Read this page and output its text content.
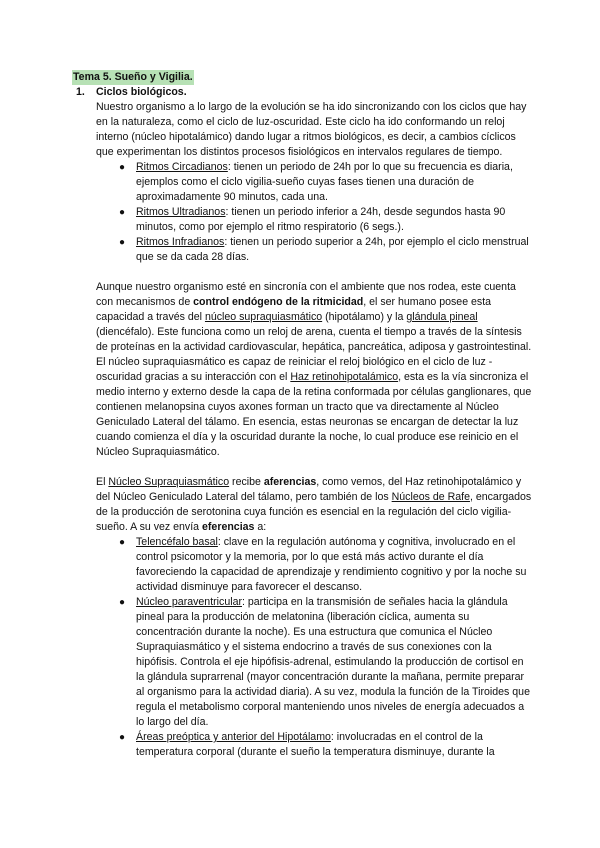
Tema 5. Sueño y Vigilia.
1. Ciclos biológicos.

Nuestro organismo a lo largo de la evolución se ha ido sincronizando con los ciclos que hay en la naturaleza, como el ciclo de luz-oscuridad. Este ciclo ha ido conformando un reloj interno (núcleo hipotalámico) dando lugar a ritmos biológicos, es decir, a cambios cíclicos que experimentan los distintos procesos fisiológicos en intervalos regulares de tiempo.

● Ritmos Circadianos: tienen un periodo de 24h por lo que su frecuencia es diaria, ejemplos como el ciclo vigilia-sueño cuyas fases tienen una duración de aproximadamente 90 minutos, cada una.
● Ritmos Ultradianos: tienen un periodo inferior a 24h, desde segundos hasta 90 minutos, como por ejemplo el ritmo respiratorio (6 segs.).
● Ritmos Infradianos: tienen un periodo superior a 24h, por ejemplo el ciclo menstrual que se da cada 28 días.

Aunque nuestro organismo esté en sincronía con el ambiente que nos rodea, este cuenta con mecanismos de control endógeno de la ritmicidad, el ser humano posee esta capacidad a través del núcleo supraquiasmático (hipotálamo) y la glándula pineal (diencéfalo). Este funciona como un reloj de arena, cuenta el tiempo a través de la síntesis de proteínas en la actividad cardiovascular, hepática, pancreática, adiposa y gastrointestinal.

El núcleo supraquiasmático es capaz de reiniciar el reloj biológico en el ciclo de luz -oscuridad gracias a su interacción con el Haz retinohipotalámico, esta es la vía sincroniza el medio interno y externo desde la capa de la retina conformada por células ganglionares, que contienen melanopsina cuyos axones forman un tracto que va directamente al Núcleo Geniculado Lateral del tálamo. En esencia, estas neuronas se encargan de detectar la luz cuando comienza el día y la oscuridad durante la noche, lo cual produce ese reinicio en el Núcleo Supraquiasmático.

El Núcleo Supraquiasmático recibe aferencias, como vemos, del Haz retinohipotalámico y del Núcleo Geniculado Lateral del tálamo, pero también de los Núcleos de Rafe, encargados de la producción de serotonina cuya función es esencial en la regulación del ciclo vigilia-sueño. A su vez envía eferencias a:

● Telencéfalo basal: clave en la regulación autónoma y cognitiva, involucrado en el control psicomotor y la memoria, por lo que está más activo durante el día favoreciendo la capacidad de aprendizaje y rendimiento cognitivo y por la noche su actividad disminuye para favorecer el descanso.
● Núcleo paraventricular: participa en la transmisión de señales hacia la glándula pineal para la producción de melatonina (liberación cíclica, aumenta su concentración durante la noche). Es una estructura que comunica el Núcleo Supraquiasmático y el sistema endocrino a través de sus conexiones con la hipófisis. Controla el eje hipófisis-adrenal, estimulando la producción de cortisol en la glándula suprarrenal (mayor concentración durante la mañana, permite preparar al organismo para la actividad diaria). A su vez, modula la función de la Tiroides que regula el metabolismo corporal manteniendo unos niveles de energía adecuados a lo largo del día.
● Áreas preóptica y anterior del Hipotálamo: involucradas en el control de la temperatura corporal (durante el sueño la temperatura disminuye, durante la
